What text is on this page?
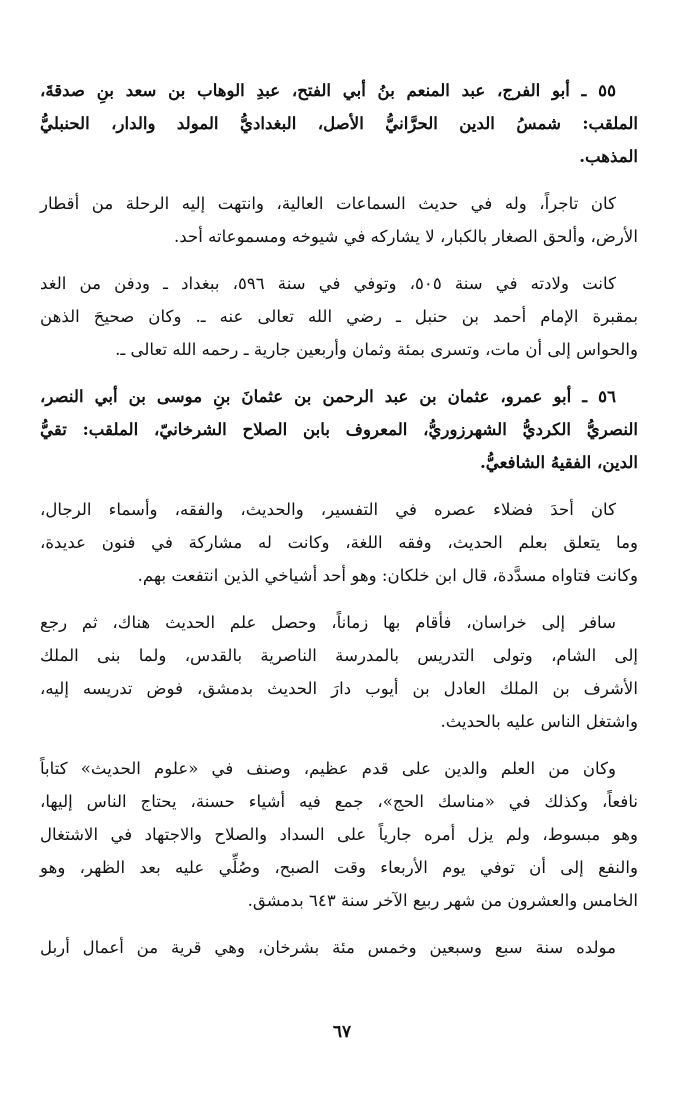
٥٥ ـ أبو الفرج، عبد المنعم بنُ أبي الفتح، عبدِ الوهاب بن سعد بنِ صدقةَ،
الملقب: شمسُ الدين الحرَّانيُّ الأصل، البغداديُّ المولد والدار، الحنبليُّ
المذهب.
كان تاجراً، وله في حديث السماعات العالية، وانتهت إليه الرحلة من أقطار
الأرض، وألحق الصغار بالكبار، لا يشاركه في شيوخه ومسموعاته أحد.
كانت ولادته في سنة ٥٠٥، وتوفي في سنة ٥٩٦، ببغداد ـ ودفن من الغد
بمقبرة الإمام أحمد بن حنبل ـ رضي الله تعالى عنه ـ. وكان صحيحَ الذهن
والحواس إلى أن مات، وتسرى بمئة وثمان وأربعين جارية ـ رحمه الله تعالى ـ.
٥٦ ـ أبو عمرو، عثمان بن عبد الرحمن بن عثمانَ بنِ موسى بن أبي النصر،
النصريُّ الكرديُّ الشهرزوريُّ، المعروف بابن الصلاح الشرخانيّ، الملقب: تقيُّ
الدين، الفقيهُ الشافعيُّ.
كان أحدَ فضلاء عصره في التفسير، والحديث، والفقه، وأسماء الرجال،
وما يتعلق بعلم الحديث، وفقه اللغة، وكانت له مشاركة في فنون عديدة،
وكانت فتاواه مسدَّدة، قال ابن خلكان: وهو أحد أشياخي الذين انتفعت بهم.
سافر إلى خراسان، فأقام بها زماناً، وحصل علم الحديث هناك، ثم رجع
إلى الشام، وتولى التدريس بالمدرسة الناصرية بالقدس، ولما بنى الملك
الأشرف بن الملك العادل بن أيوب دارَ الحديث بدمشق، فوض تدريسه إليه،
واشتغل الناس عليه بالحديث.
وكان من العلم والدين على قدم عظيم، وصنف في «علوم الحديث» كتاباً
نافعاً، وكذلك في «مناسك الحج»، جمع فيه أشياء حسنة، يحتاج الناس إليها،
وهو مبسوط، ولم يزل أمره جارياً على السداد والصلاح والاجتهاد في الاشتغال
والنفع إلى أن توفي يوم الأربعاء وقت الصبح، وصُلِّي عليه بعد الظهر، وهو
الخامس والعشرون من شهر ربيع الآخر سنة ٦٤٣ بدمشق.
مولده سنة سبع وسبعين وخمس مئة بشرخان، وهي قرية من أعمال أربل
٦٧
